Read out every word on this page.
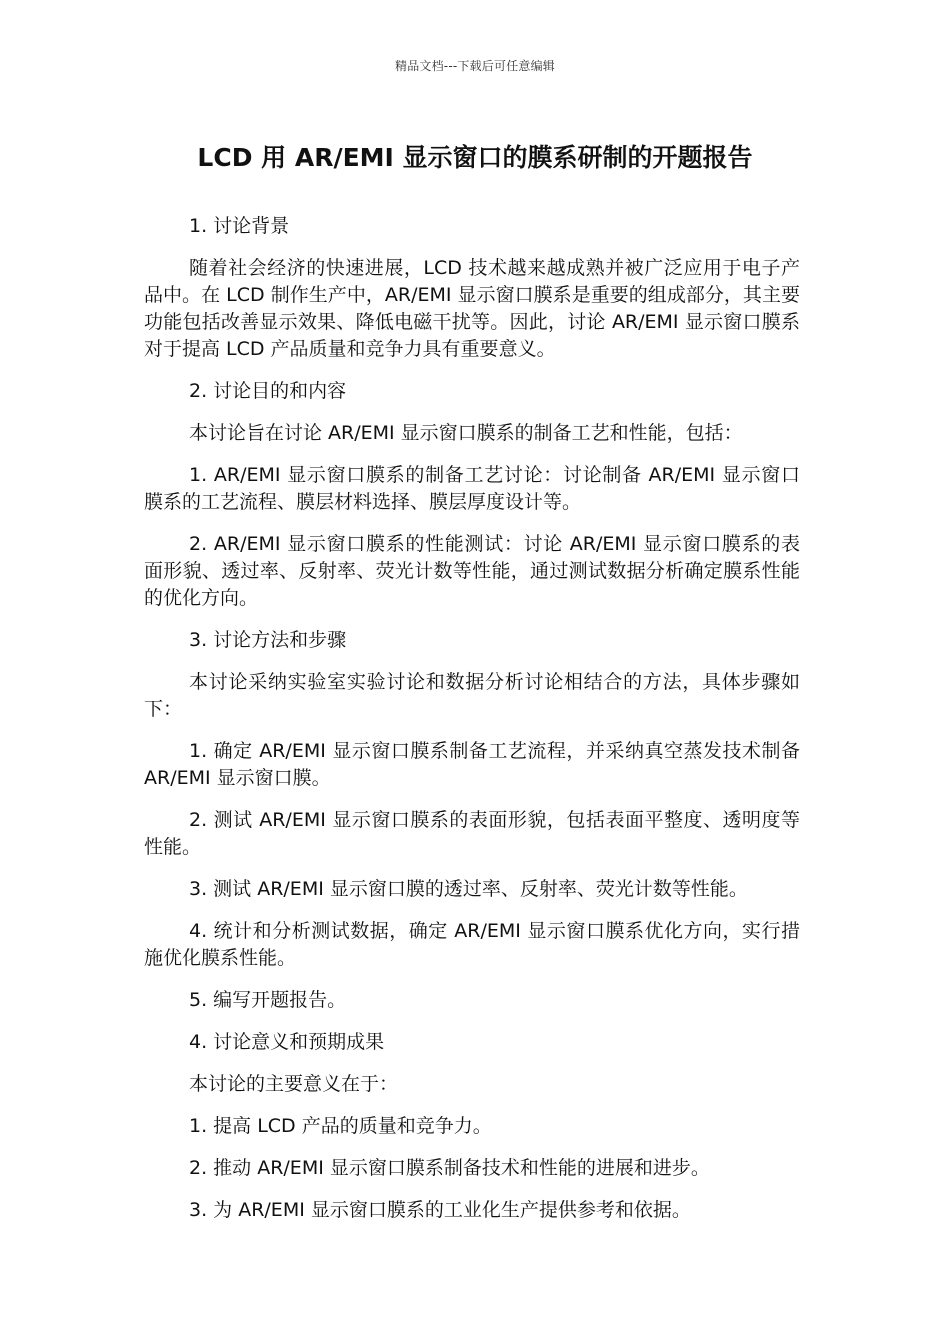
精品文档---下载后可任意编辑
LCD 用 AR/EMI 显示窗口的膜系研制的开题报告

1. 讨论背景

随着社会经济的快速进展，LCD 技术越来越成熟并被广泛应用于电子产品中。在 LCD 制作生产中，AR/EMI 显示窗口膜系是重要的组成部分，其主要功能包括改善显示效果、降低电磁干扰等。因此，讨论 AR/EMI 显示窗口膜系对于提高 LCD 产品质量和竞争力具有重要意义。

2. 讨论目的和内容

本讨论旨在讨论 AR/EMI 显示窗口膜系的制备工艺和性能，包括：

1. AR/EMI 显示窗口膜系的制备工艺讨论：讨论制备 AR/EMI 显示窗口膜系的工艺流程、膜层材料选择、膜层厚度设计等。

2. AR/EMI 显示窗口膜系的性能测试：讨论 AR/EMI 显示窗口膜系的表面形貌、透过率、反射率、荧光计数等性能，通过测试数据分析确定膜系性能的优化方向。

3. 讨论方法和步骤

本讨论采纳实验室实验讨论和数据分析讨论相结合的方法，具体步骤如下：

1. 确定 AR/EMI 显示窗口膜系制备工艺流程，并采纳真空蒸发技术制备 AR/EMI 显示窗口膜。

2. 测试 AR/EMI 显示窗口膜系的表面形貌，包括表面平整度、透明度等性能。

3. 测试 AR/EMI 显示窗口膜的透过率、反射率、荧光计数等性能。

4. 统计和分析测试数据，确定 AR/EMI 显示窗口膜系优化方向，实行措施优化膜系性能。

5. 编写开题报告。

4. 讨论意义和预期成果

本讨论的主要意义在于：

1. 提高 LCD 产品的质量和竞争力。

2. 推动 AR/EMI 显示窗口膜系制备技术和性能的进展和进步。

3. 为 AR/EMI 显示窗口膜系的工业化生产提供参考和依据。
